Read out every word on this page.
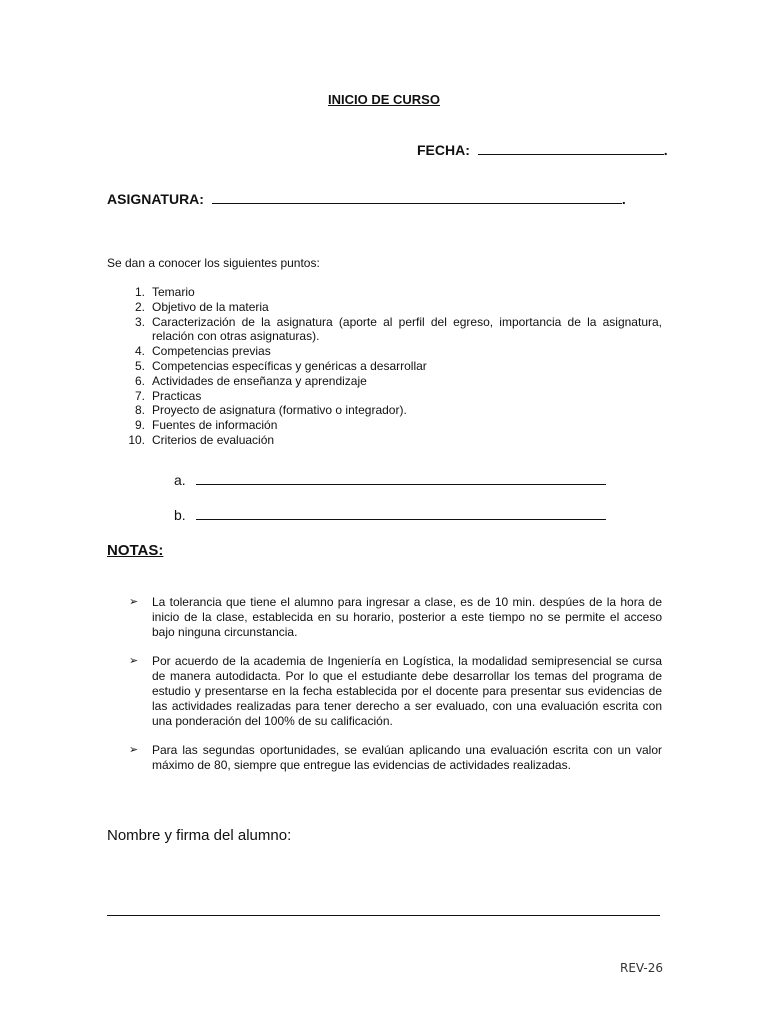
INICIO DE CURSO
FECHA:	.
ASIGNATURA:	.
Se dan a conocer los siguientes puntos:
1. Temario
2. Objetivo de la materia
3. Caracterización de la asignatura (aporte al perfil del egreso, importancia de la asignatura, relación con otras asignaturas).
4. Competencias previas
5. Competencias específicas y genéricas a desarrollar
6. Actividades de enseñanza y aprendizaje
7. Practicas
8. Proyecto de asignatura (formativo o integrador).
9. Fuentes de información
10. Criterios de evaluación
a.
b.
NOTAS:
➢	La tolerancia que tiene el alumno para ingresar a clase, es de 10 min. despúes de la hora de inicio de la clase, establecida en su horario, posterior a este tiempo no se permite el acceso bajo ninguna circunstancia.
➢	Por acuerdo de la academia de Ingeniería en Logística, la modalidad semipresencial se cursa de manera autodidacta. Por lo que el estudiante debe desarrollar los temas del programa de estudio y presentarse en la fecha establecida por el docente para presentar sus evidencias de las actividades realizadas para tener derecho a ser evaluado, con una evaluación escrita con una ponderación del 100% de su calificación.
➢	Para las segundas oportunidades, se evalúan aplicando una evaluación escrita con un valor máximo de 80, siempre que entregue las evidencias de actividades realizadas.
Nombre y firma del alumno:
REV-26
